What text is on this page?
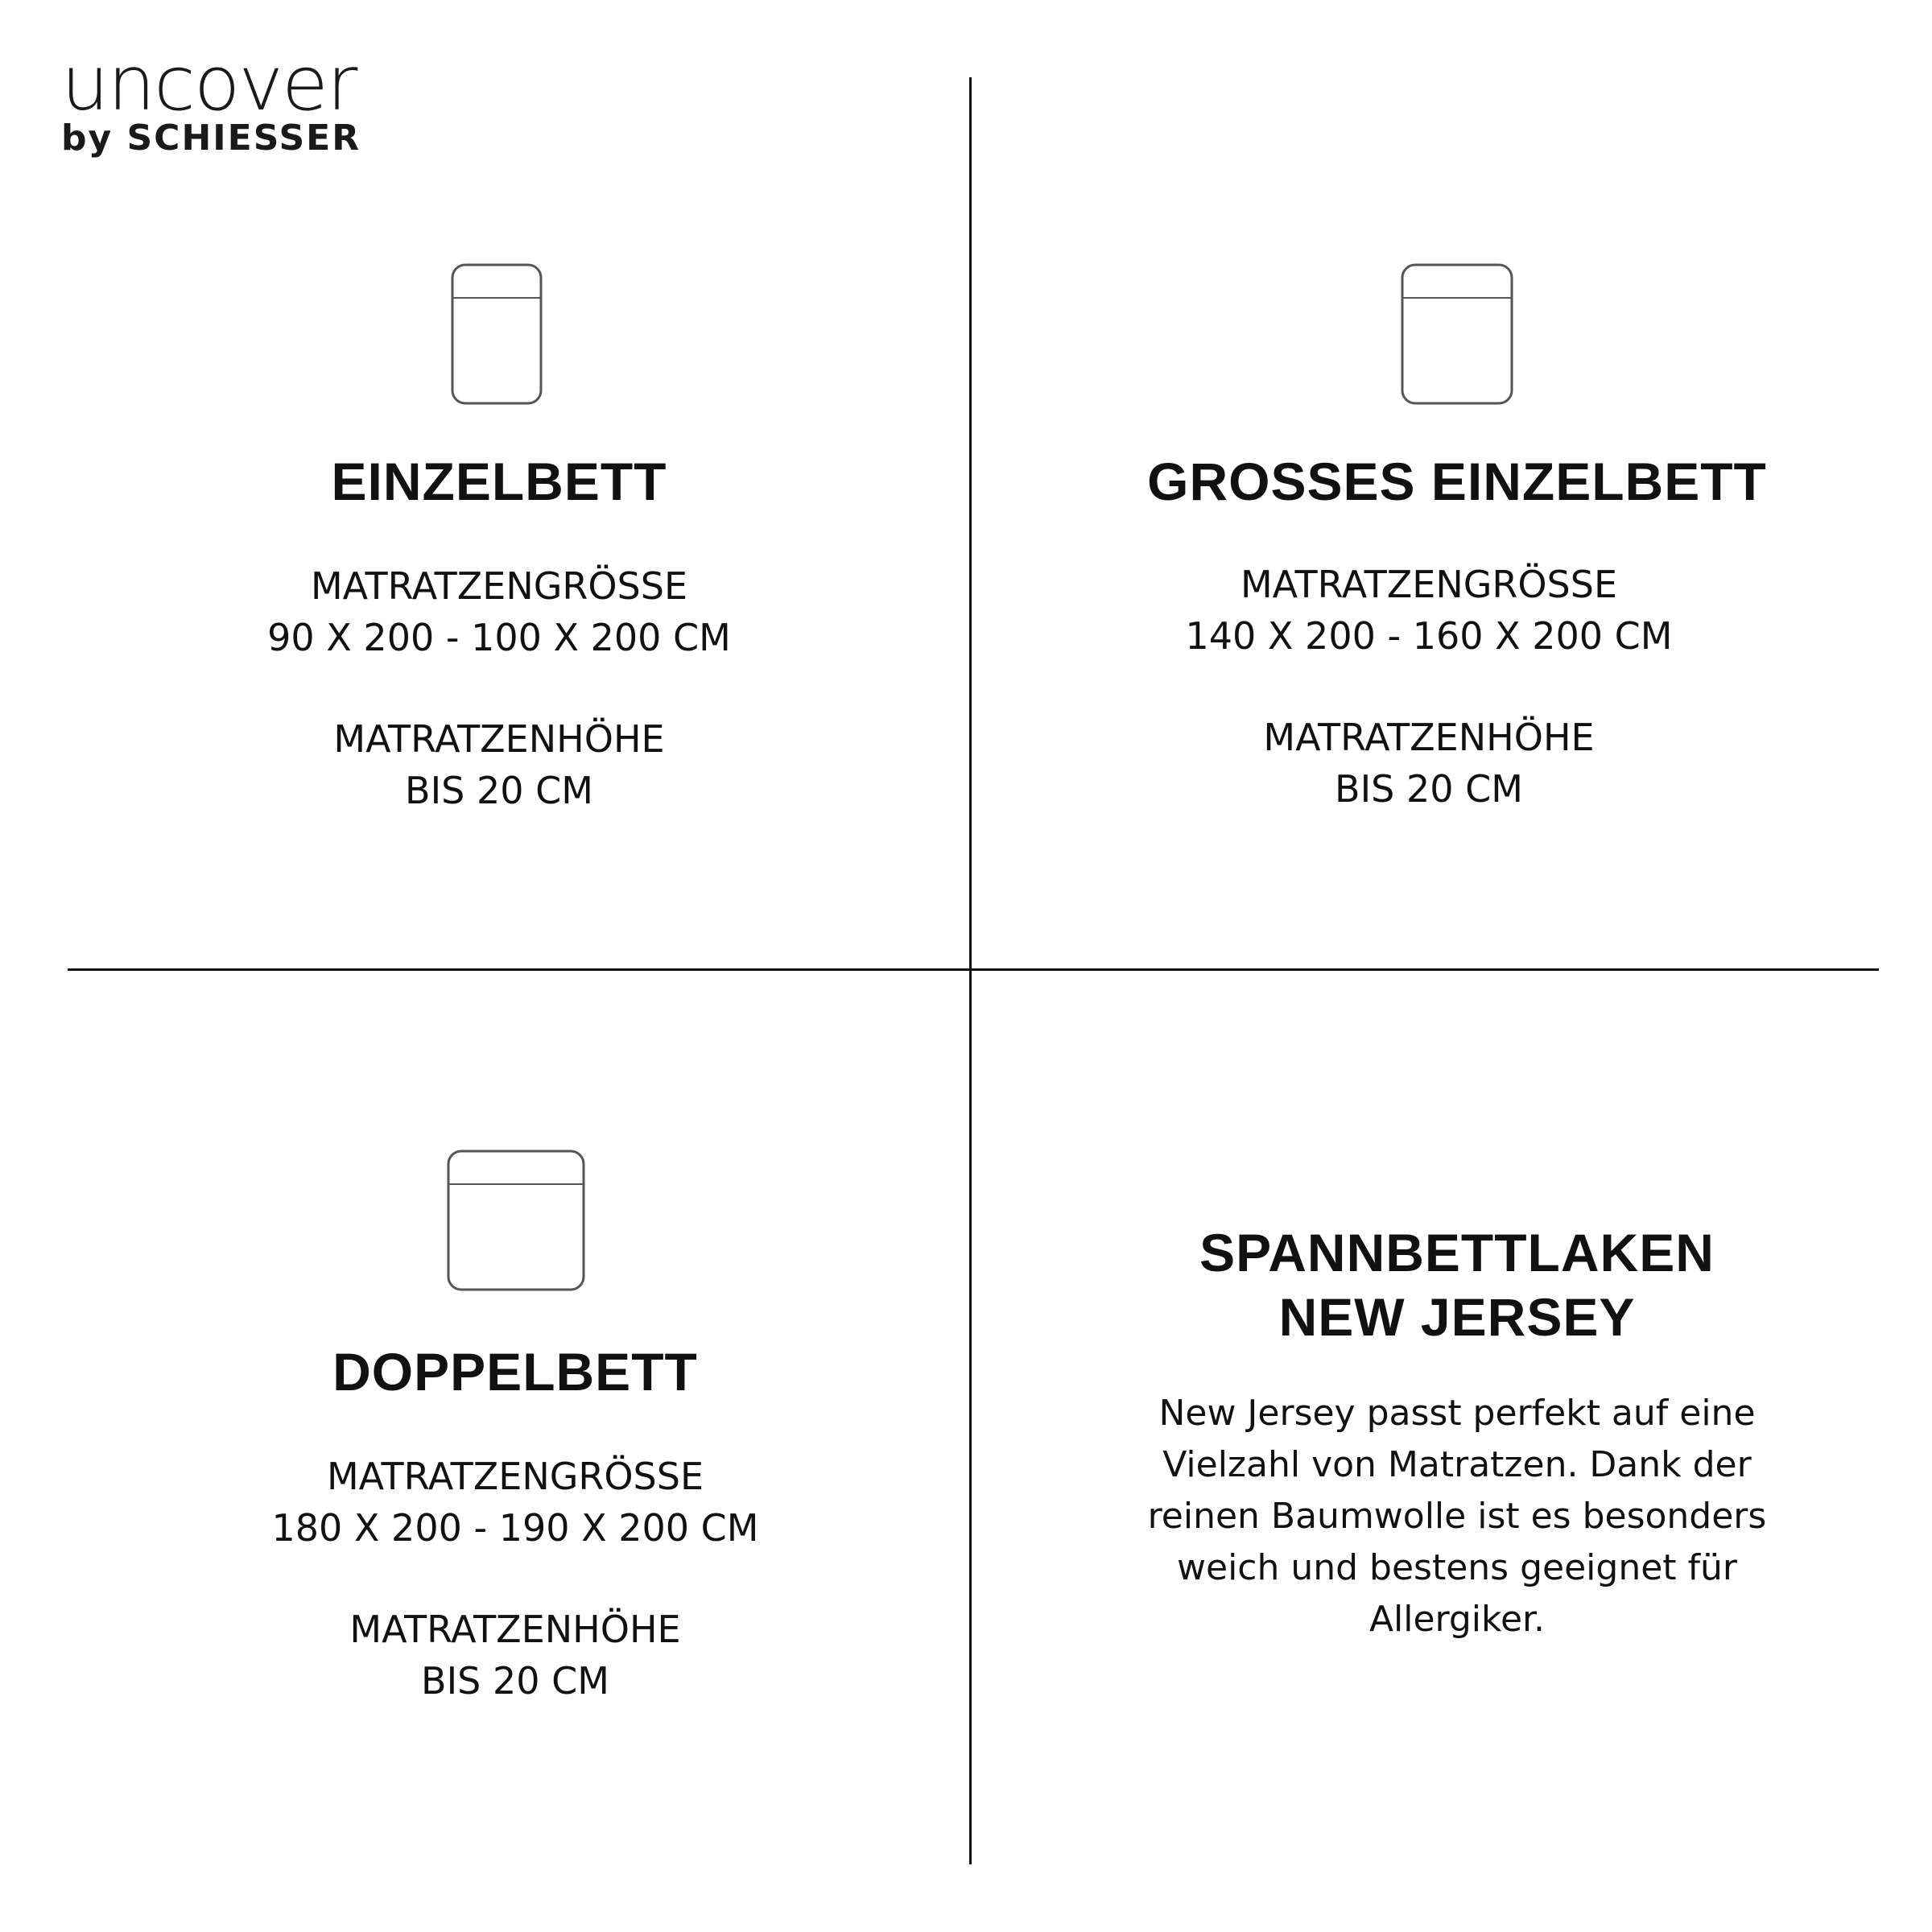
uncover
by SCHIESSER
EINZELBETT
MATRATZENGRÖSSE
90 X 200 - 100 X 200 CM
MATRATZENHÖHE
BIS 20 CM
GROSSES EINZELBETT
MATRATZENGRÖSSE
140 X 200 - 160 X 200 CM
MATRATZENHÖHE
BIS 20 CM
DOPPELBETT
MATRATZENGRÖSSE
180 X 200 - 190 X 200 CM
MATRATZENHÖHE
BIS 20 CM
SPANNBETTLAKEN
NEW JERSEY
New Jersey passt perfekt auf eine Vielzahl von Matratzen. Dank der reinen Baumwolle ist es besonders weich und bestens geeignet für Allergiker.
